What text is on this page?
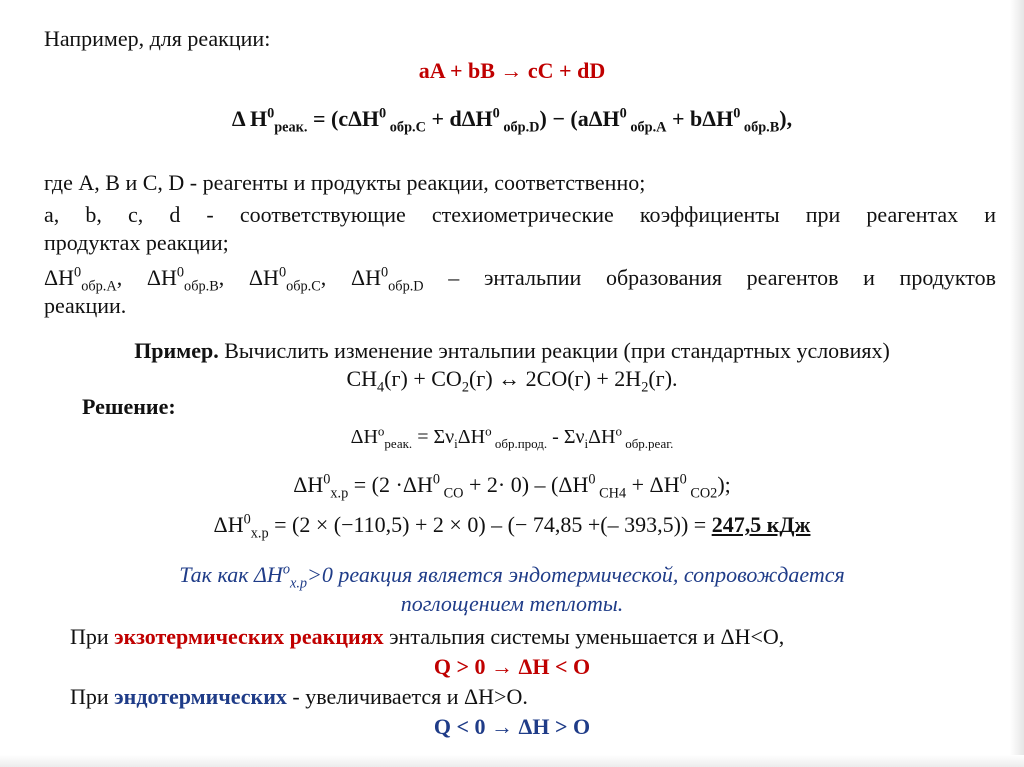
Например, для реакции:
aA + bB → cC + dD
Δ $H^0_{реак.} = (c\Delta H^0$ $_{обр.C}$ + dΔH$^0$ $_{обр.D}$) − (aΔH$^0$ $_{обр.A}$ + bΔH$^0$ $_{обр.B}$),
где A, B и C, D - реагенты и продукты реакции, соответственно;
a, b, c, d - соответствующие стехиометрические коэффициенты при реагентах и
продуктах реакции;
$\Delta H^0_{обр.A}$, $\Delta H^0_{обр.B}$, $\Delta H^0_{обр.C}$, $\Delta H^0_{обр.D}$ – энтальпии образования реагентов и продуктов
реакции.
Пример. Вычислить изменение энтальпии реакции (при стандартных условиях)
$CH_4(г) + CO_2(г)$ ↔ $2CO(г) + 2H_2(г)$.
Решение:
$\Delta H^o_{реак.} = \Sigma\nu_i\Delta H^o$ $_{обр.прод.} - \Sigma\nu_i\Delta H^o$ $_{обр.реаг.}$
$\Delta H^0_{х.р} = (2 \cdot\Delta H^0$ $_{CO} + 2\cdot 0) - (\Delta H^0$ $_{CH4} + \Delta H^0$ $_{CO2}$);
$\Delta H^0_{х.р} = (2 \times (-110,5) + 2 \times 0)$ – (− 74,85 +(– 393,5)) = 247,5 кДж
Так как $\Delta H^o_{х.р}>0$ реакция является эндотермической, сопровождается
поглощением теплоты.
При экзотермических реакциях энтальпия системы уменьшается и ΔH<O,
Q > 0 → ΔH < O
При эндотермических - увеличивается и ΔH>O.
Q < 0 → ΔH > O
